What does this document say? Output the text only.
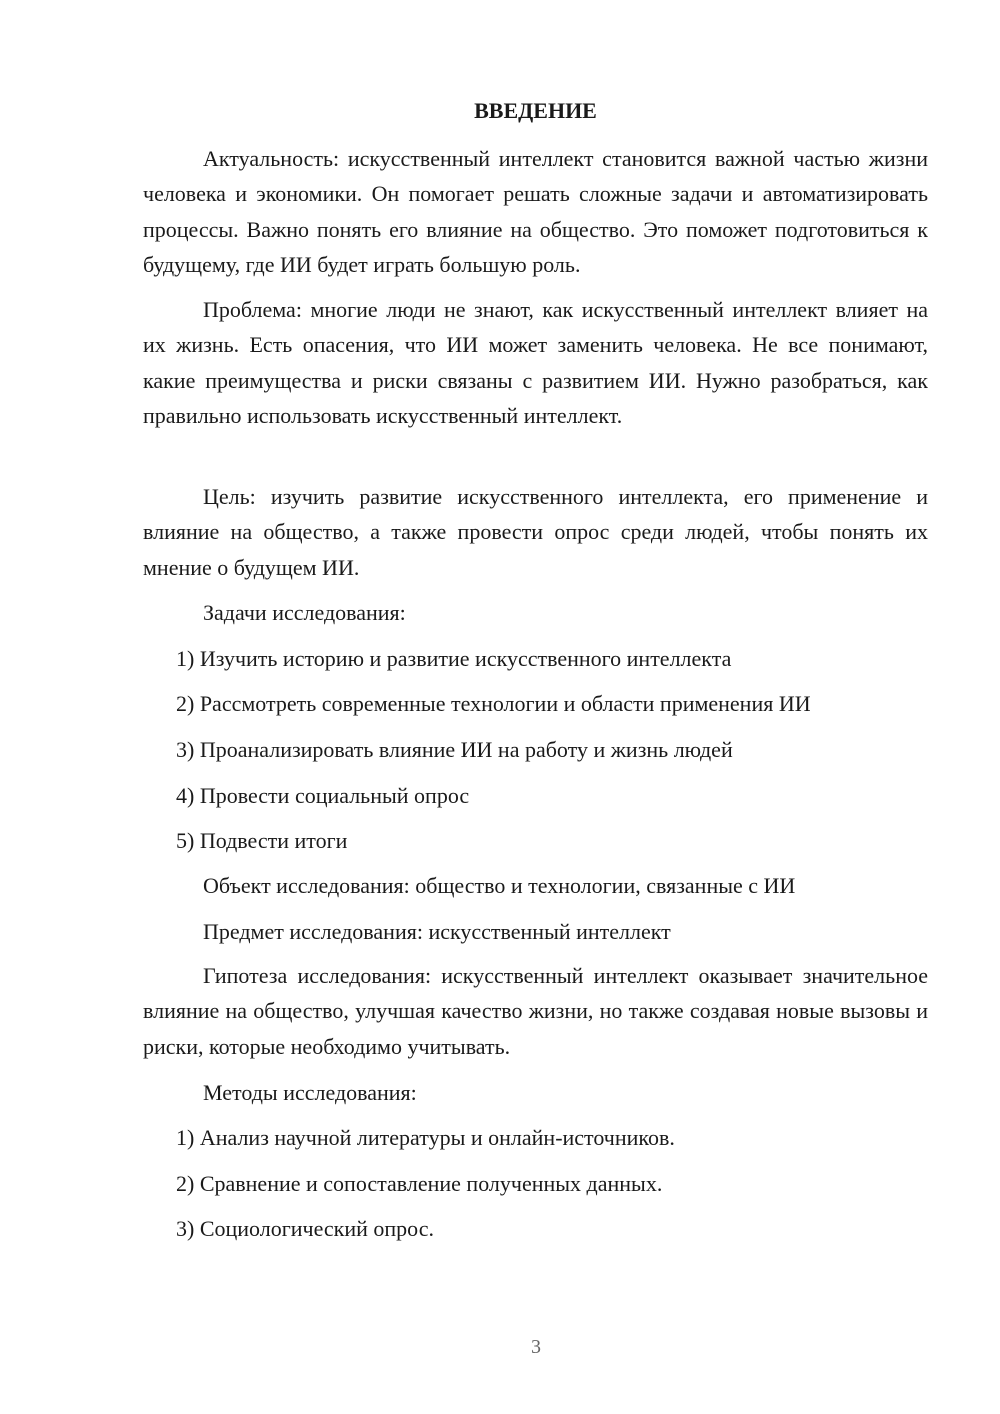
ВВЕДЕНИЕ

Актуальность: искусственный интеллект становится важной частью жизни человека и экономики. Он помогает решать сложные задачи и автоматизировать процессы. Важно понять его влияние на общество. Это поможет подготовиться к будущему, где ИИ будет играть большую роль.

Проблема: многие люди не знают, как искусственный интеллект влияет на их жизнь. Есть опасения, что ИИ может заменить человека. Не все понимают, какие преимущества и риски связаны с развитием ИИ. Нужно разобраться, как правильно использовать искусственный интеллект.

Цель: изучить развитие искусственного интеллекта, его применение и влияние на общество, а также провести опрос среди людей, чтобы понять их мнение о будущем ИИ.

Задачи исследования:

1) Изучить историю и развитие искусственного интеллекта

2) Рассмотреть современные технологии и области применения ИИ

3) Проанализировать влияние ИИ на работу и жизнь людей

4) Провести социальный опрос

5) Подвести итоги

Объект исследования: общество и технологии, связанные с ИИ

Предмет исследования: искусственный интеллект

Гипотеза исследования: искусственный интеллект оказывает значительное влияние на общество, улучшая качество жизни, но также создавая новые вызовы и риски, которые необходимо учитывать.

Методы исследования:

1) Анализ научной литературы и онлайн-источников.

2) Сравнение и сопоставление полученных данных.

3) Социологический опрос.

3
